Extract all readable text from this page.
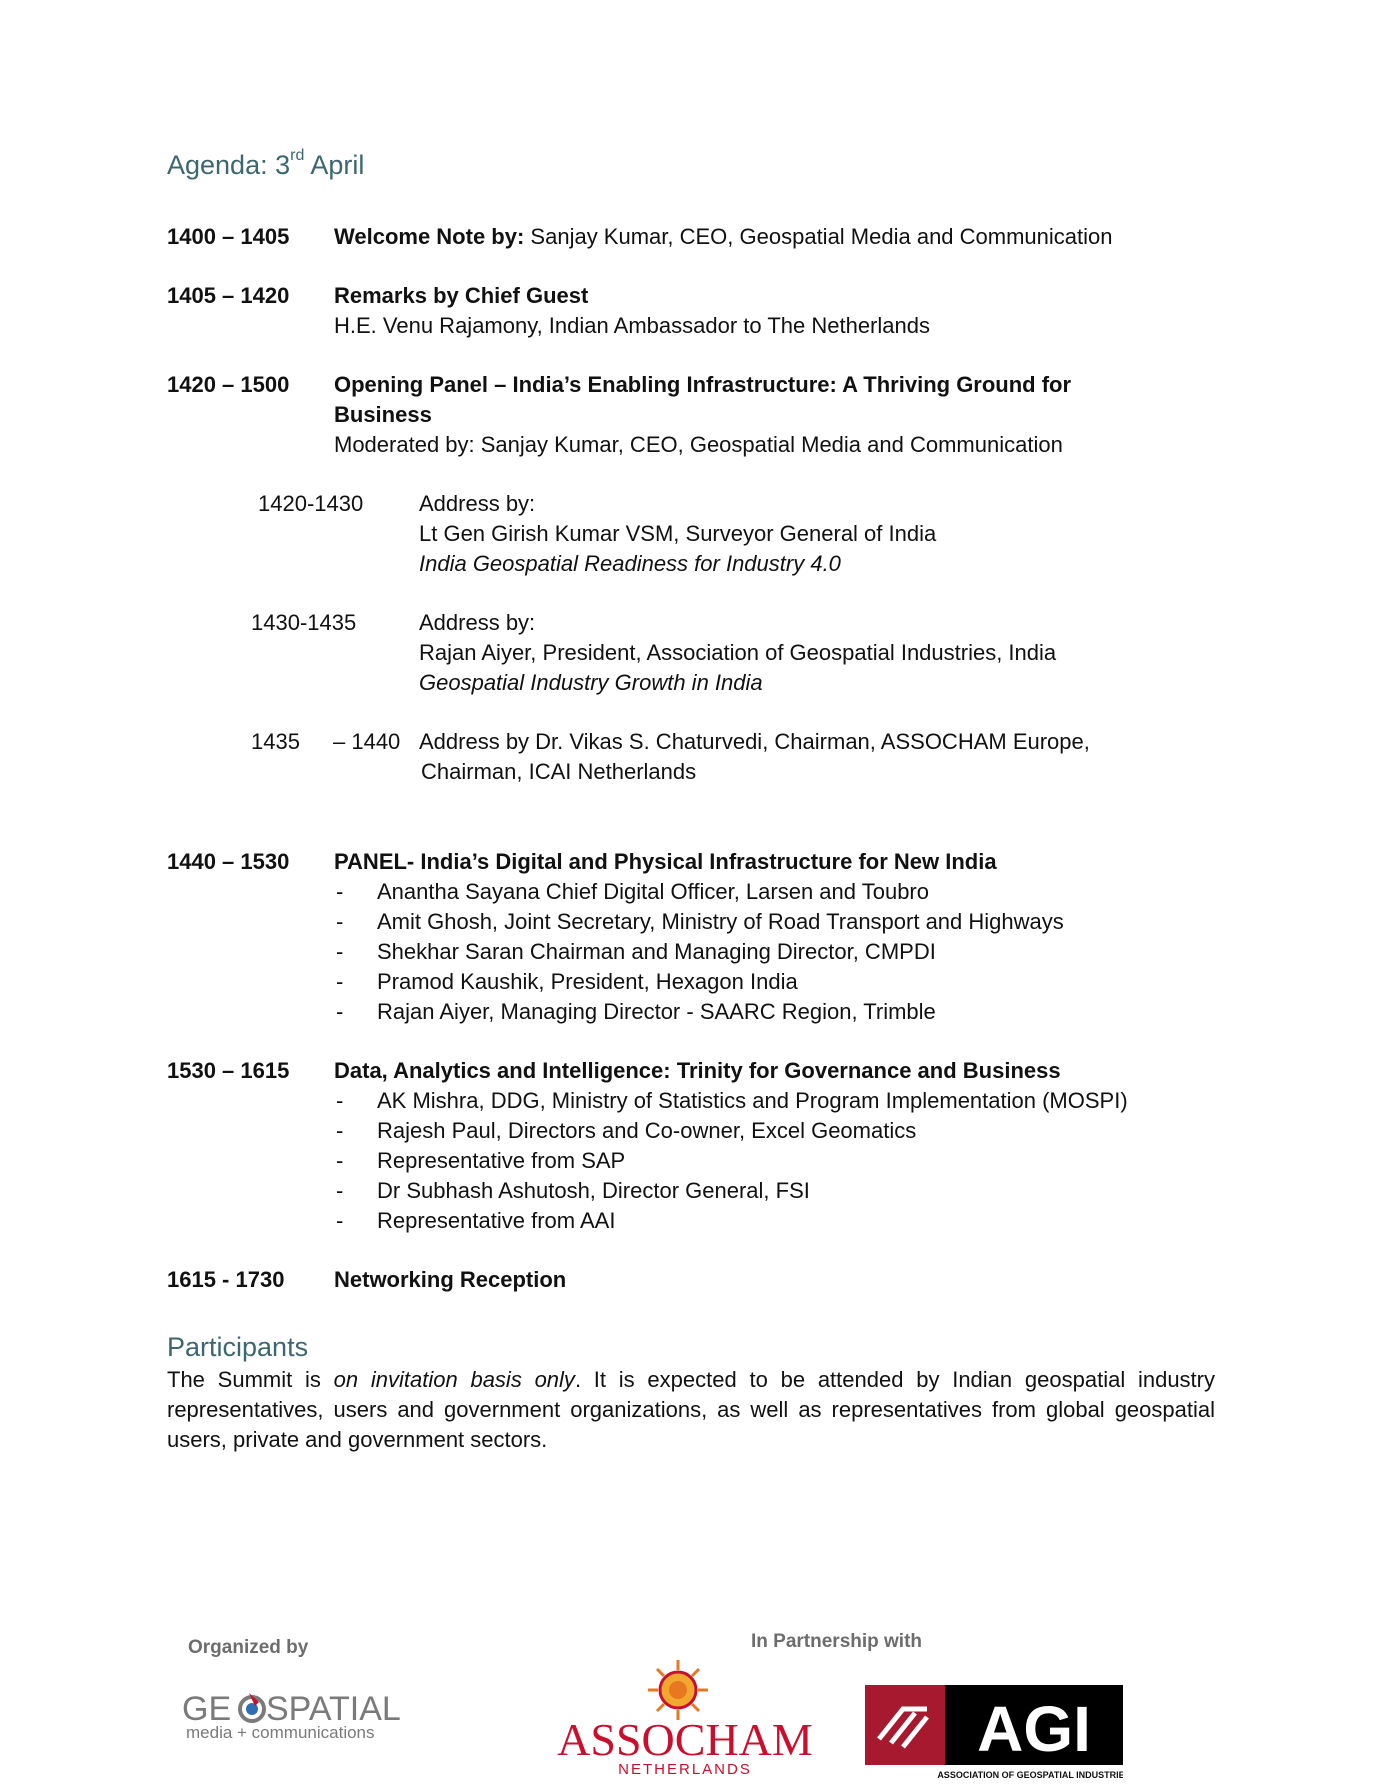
Agenda: 3rd April
1400 – 1405 Welcome Note by: Sanjay Kumar, CEO, Geospatial Media and Communication
1405 – 1420 Remarks by Chief Guest
H.E. Venu Rajamony, Indian Ambassador to The Netherlands
1420 – 1500 Opening Panel – India’s Enabling Infrastructure: A Thriving Ground for Business
Moderated by: Sanjay Kumar, CEO, Geospatial Media and Communication
1420-1430	Address by:
Lt Gen Girish Kumar VSM, Surveyor General of India
India Geospatial Readiness for Industry 4.0
1430-1435	Address by:
Rajan Aiyer, President, Association of Geospatial Industries, India
Geospatial Industry Growth in India
1435 – 1440 Address by Dr. Vikas S. Chaturvedi, Chairman, ASSOCHAM Europe,
Chairman, ICAI Netherlands
1440 – 1530 PANEL- India’s Digital and Physical Infrastructure for New India
- Anantha Sayana Chief Digital Officer, Larsen and Toubro
- Amit Ghosh, Joint Secretary, Ministry of Road Transport and Highways
- Shekhar Saran Chairman and Managing Director, CMPDI
- Pramod Kaushik, President, Hexagon India
- Rajan Aiyer, Managing Director - SAARC Region, Trimble
1530 – 1615 Data, Analytics and Intelligence: Trinity for Governance and Business
- AK Mishra, DDG, Ministry of Statistics and Program Implementation (MOSPI)
- Rajesh Paul, Directors and Co-owner, Excel Geomatics
- Representative from SAP
- Dr Subhash Ashutosh, Director General, FSI
- Representative from AAI
1615 - 1730 Networking Reception
Participants

The Summit is on invitation basis only. It is expected to be attended by Indian geospatial industry representatives, users and government organizations, as well as representatives from global geospatial users, private and government sectors.

Organized by	In Partnership with
GE SPATIAL
media + communications	ASSOCHAM
NETHERLANDS
AGI
ASSOCIATION OF GEOSPATIAL INDUSTRIES
